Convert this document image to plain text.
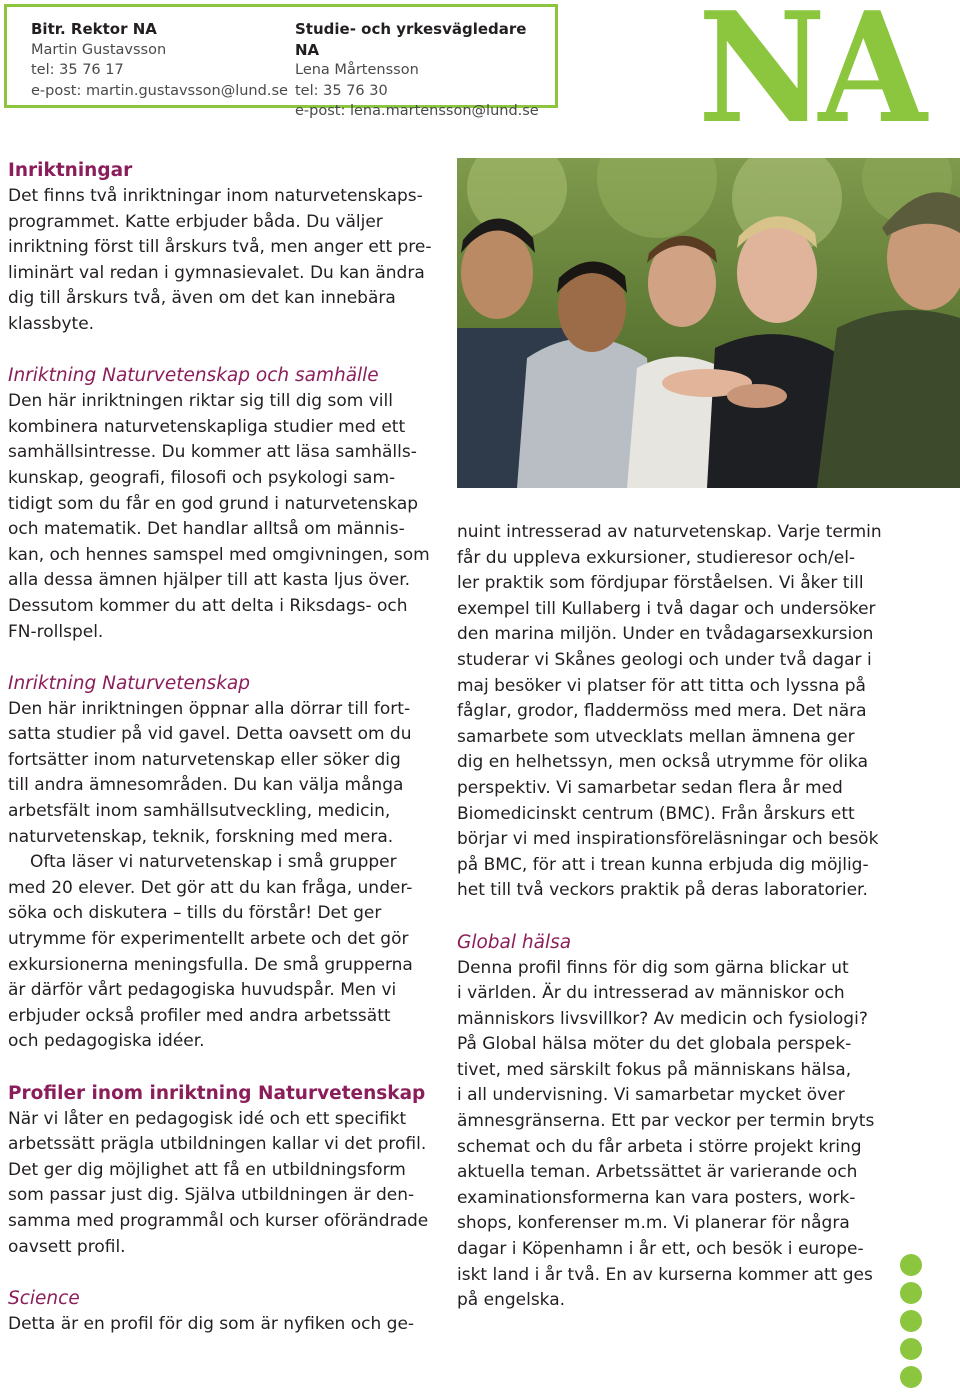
Bitr. Rektor NA
Martin Gustavsson
tel: 35 76 17
e-post: martin.gustavsson@lund.se
Studie- och yrkesvägledare NA
Lena Mårtensson
tel: 35 76 30
e-post: lena.martensson@lund.se NA
Inriktningar

Det finns två inriktningar inom naturvetenskaps-
programmet. Katte erbjuder båda. Du väljer
inriktning först till årskurs två, men anger ett pre-
liminärt val redan i gymnasievalet. Du kan ändra
dig till årskurs två, även om det kan innebära
klassbyte.

Inriktning Naturvetenskap och samhälle

Den här inriktningen riktar sig till dig som vill
kombinera naturvetenskapliga studier med ett
samhällsintresse. Du kommer att läsa samhälls-
kunskap, geografi, filosofi och psykologi sam-
tidigt som du får en god grund i naturvetenskap
och matematik. Det handlar alltså om männis-
kan, och hennes samspel med omgivningen, som
alla dessa ämnen hjälper till att kasta ljus över.
Dessutom kommer du att delta i Riksdags- och
FN-rollspel.

Inriktning Naturvetenskap

Den här inriktningen öppnar alla dörrar till fort-
satta studier på vid gavel. Detta oavsett om du
fortsätter inom naturvetenskap eller söker dig
till andra ämnesområden. Du kan välja många
arbetsfält inom samhällsutveckling, medicin,
naturvetenskap, teknik, forskning med mera.

Ofta läser vi naturvetenskap i små grupper
med 20 elever. Det gör att du kan fråga, under-
söka och diskutera – tills du förstår! Det ger
utrymme för experimentellt arbete och det gör
exkursionerna meningsfulla. De små grupperna
är därför vårt pedagogiska huvudspår. Men vi
erbjuder också profiler med andra arbetssätt
och pedagogiska idéer.

Profiler inom inriktning Naturvetenskap

När vi låter en pedagogisk idé och ett specifikt
arbetssätt prägla utbildningen kallar vi det profil.
Det ger dig möjlighet att få en utbildningsform
som passar just dig. Själva utbildningen är den-
samma med programmål och kurser oförändrade
oavsett profil.

Science

Detta är en profil för dig som är nyfiken och ge-

nuint intresserad av naturvetenskap. Varje termin
får du uppleva exkursioner, studieresor och/el-
ler praktik som fördjupar förståelsen. Vi åker till
exempel till Kullaberg i två dagar och undersöker
den marina miljön. Under en tvådagarsexkursion
studerar vi Skånes geologi och under två dagar i
maj besöker vi platser för att titta och lyssna på
fåglar, grodor, fladdermöss med mera. Det nära
samarbete som utvecklats mellan ämnena ger
dig en helhetssyn, men också utrymme för olika
perspektiv. Vi samarbetar sedan flera år med
Biomedicinskt centrum (BMC). Från årskurs ett
börjar vi med inspirationsföreläsningar och besök
på BMC, för att i trean kunna erbjuda dig möjlig-
het till två veckors praktik på deras laboratorier.

Global hälsa

Denna profil finns för dig som gärna blickar ut
i världen. Är du intresserad av människor och
människors livsvillkor? Av medicin och fysiologi?
På Global hälsa möter du det globala perspek-
tivet, med särskilt fokus på människans hälsa,
i all undervisning. Vi samarbetar mycket över
ämnesgränserna. Ett par veckor per termin bryts
schemat och du får arbeta i större projekt kring
aktuella teman. Arbetssättet är varierande och
examinationsformerna kan vara posters, work-
shops, konferenser m.m. Vi planerar för några
dagar i Köpenhamn i år ett, och besök i europe-
iskt land i år två. En av kurserna kommer att ges
på engelska.
